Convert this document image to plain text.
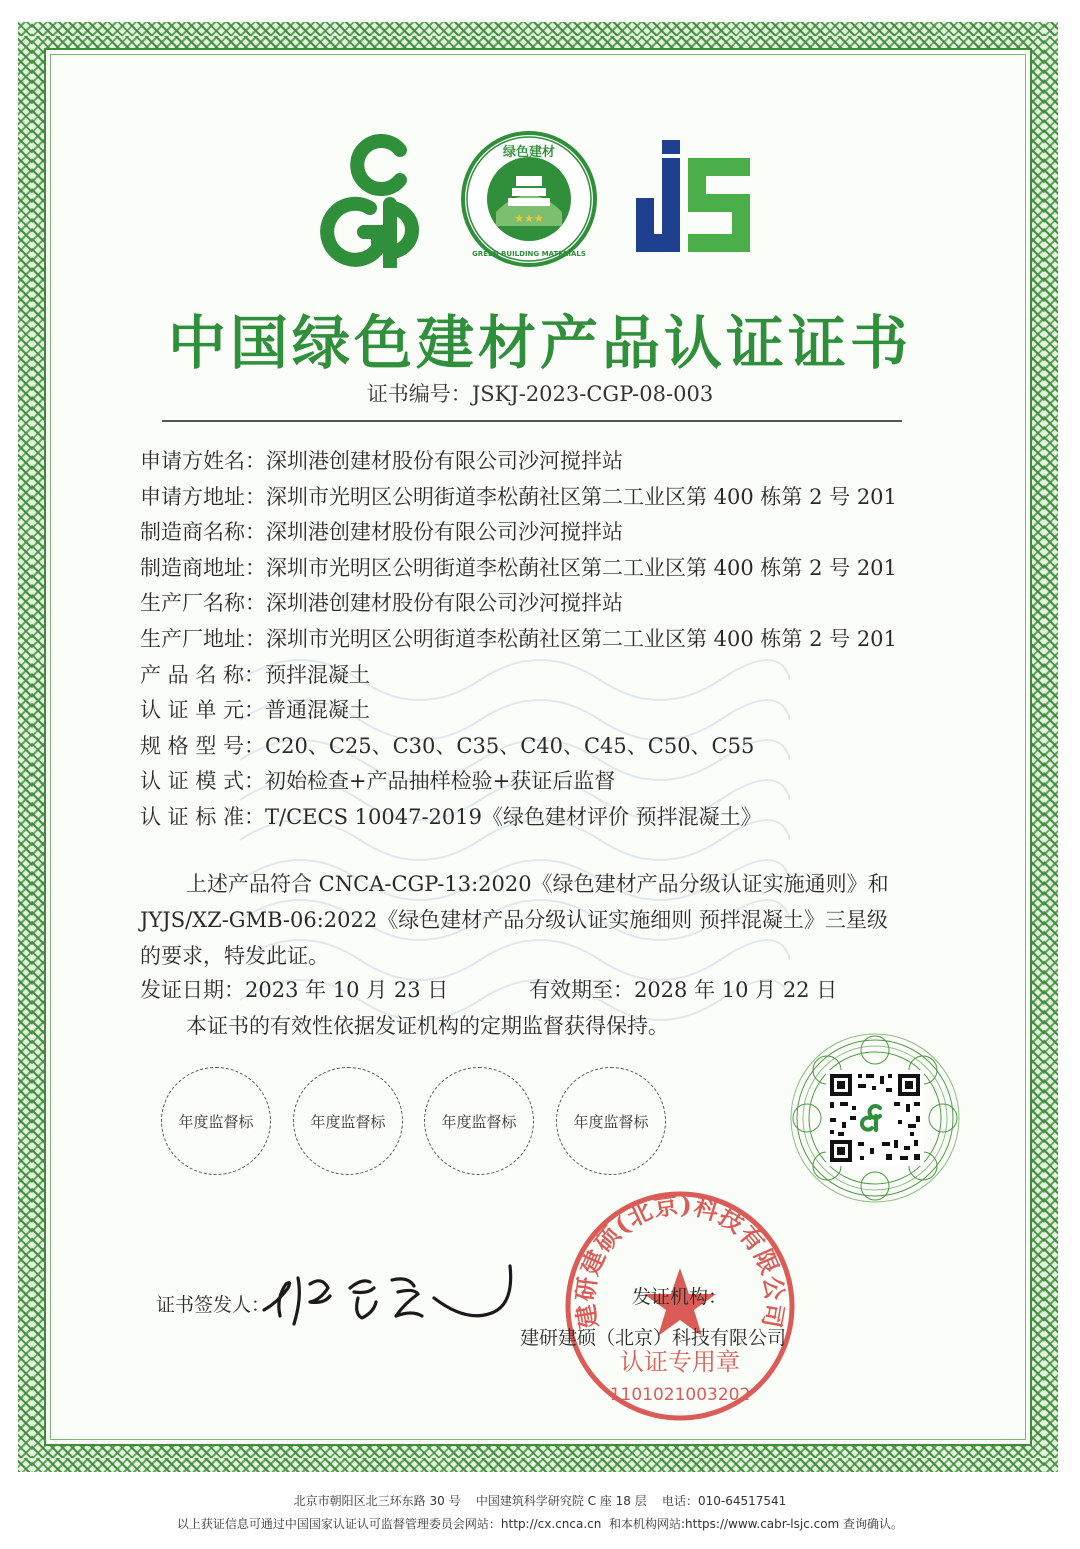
★★★
绿色建材
GREEN BUILDING MATERIALS
中国绿色建材产品认证证书
证书编号：JSKJ-2023-CGP-08-003
申请方姓名：深圳港创建材股份有限公司沙河搅拌站
申请方地址：深圳市光明区公明街道李松蓢社区第二工业区第 400 栋第 2 号 201
制造商名称：深圳港创建材股份有限公司沙河搅拌站
制造商地址：深圳市光明区公明街道李松蓢社区第二工业区第 400 栋第 2 号 201
生产厂名称：深圳港创建材股份有限公司沙河搅拌站
生产厂地址：深圳市光明区公明街道李松蓢社区第二工业区第 400 栋第 2 号 201
产 品 名 称：预拌混凝土
认 证 单 元：普通混凝土
规 格 型 号：C20、C25、C30、C35、C40、C45、C50、C55
认 证 模 式：初始检查+产品抽样检验+获证后监督
认 证 标 准：T/CECS 10047-2019《绿色建材评价 预拌混凝土》

上述产品符合 CNCA-CGP-13:2020《绿色建材产品分级认证实施通则》和

JYJS/XZ-GMB-06:2022《绿色建材产品分级认证实施细则 预拌混凝土》三星级

的要求，特发此证。

发证日期：2023 年 10 月 23 日	有效期至：2028 年 10 月 22 日
本证书的有效性依据发证机构的定期监督获得保持。
年度监督标	年度监督标	年度监督标	年度监督标
证书签发人：	建研建硕(北京)科技有限公司
认证专用章
1101021003202
发证机构：
建研建硕（北京）科技有限公司
北京市朝阳区北三环东路 30 号    中国建筑科学研究院 C 座 18 层    电话：010-64517541
以上获证信息可通过中国国家认证认可监督管理委员会网站：http://cx.cnca.cn  和本机构网站:https://www.cabr-lsjc.com 查询确认。
